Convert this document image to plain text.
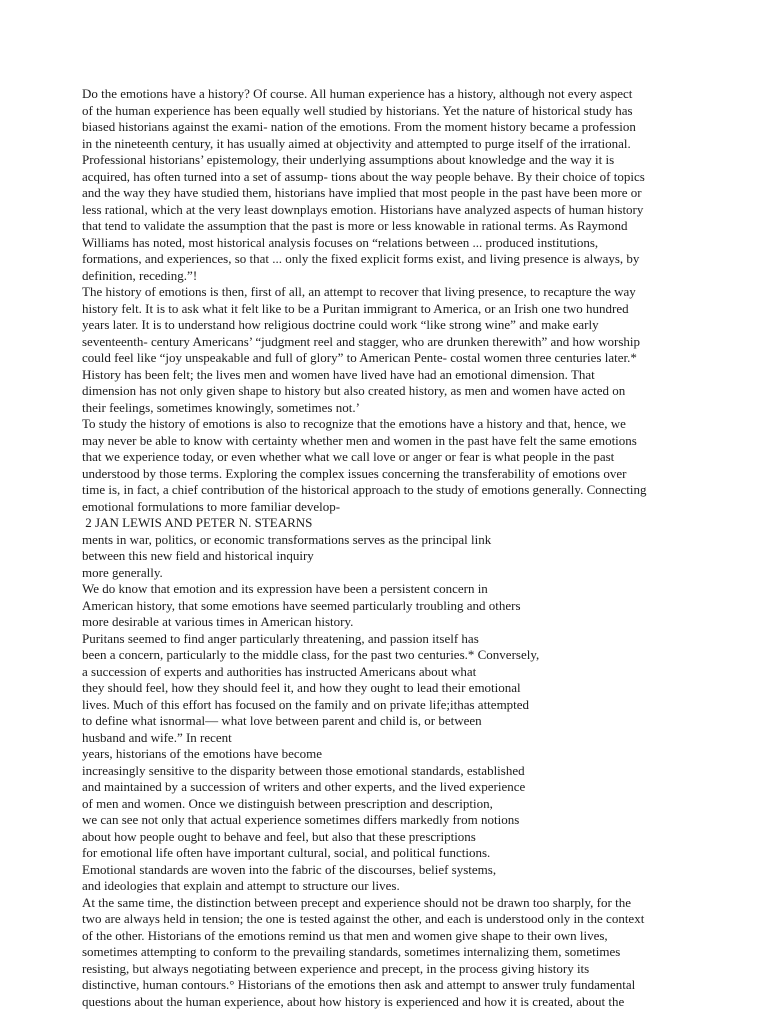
Do the emotions have a history? Of course. All human experience has a history, although not every aspect
of the human experience has been equally well studied by historians. Yet the nature of historical study has
biased historians against the exami- nation of the emotions. From the moment history became a profession
in the nineteenth century, it has usually aimed at objectivity and attempted to purge itself of the irrational.
Professional historians’ epistemology, their underlying assumptions about knowledge and the way it is
acquired, has often turned into a set of assump- tions about the way people behave. By their choice of topics
and the way they have studied them, historians have implied that most people in the past have been more or
less rational, which at the very least downplays emotion. Historians have analyzed aspects of human history
that tend to validate the assumption that the past is more or less knowable in rational terms. As Raymond
Williams has noted, most historical analysis focuses on “relations between ... produced institutions,
formations, and experiences, so that ... only the fixed explicit forms exist, and living presence is always, by
definition, receding.”!
The history of emotions is then, first of all, an attempt to recover that living presence, to recapture the way
history felt. It is to ask what it felt like to be a Puritan immigrant to America, or an Irish one two hundred
years later. It is to understand how religious doctrine could work “like strong wine” and make early
seventeenth- century Americans’ “judgment reel and stagger, who are drunken therewith” and how worship
could feel like “joy unspeakable and full of glory” to American Pente- costal women three centuries later.*
History has been felt; the lives men and women have lived have had an emotional dimension. That
dimension has not only given shape to history but also created history, as men and women have acted on
their feelings, sometimes knowingly, sometimes not.’
To study the history of emotions is also to recognize that the emotions have a history and that, hence, we
may never be able to know with certainty whether men and women in the past have felt the same emotions
that we experience today, or even whether what we call love or anger or fear is what people in the past
understood by those terms. Exploring the complex issues concerning the transferability of emotions over
time is, in fact, a chief contribution of the historical approach to the study of emotions generally. Connecting
emotional formulations to more familiar develop-
2 JAN LEWIS AND PETER N. STEARNS
ments in war, politics, or economic transformations serves as the principal link
between this new field and historical inquiry
more generally.
We do know that emotion and its expression have been a persistent concern in
American history, that some emotions have seemed particularly troubling and others
more desirable at various times in American history.
Puritans seemed to find anger particularly threatening, and passion itself has
been a concern, particularly to the middle class, for the past two centuries.* Conversely,
a succession of experts and authorities has instructed Americans about what
they should feel, how they should feel it, and how they ought to lead their emotional
lives. Much of this effort has focused on the family and on private life;ithas attempted
to define what isnormal— what love between parent and child is, or between
husband and wife.” In recent
years, historians of the emotions have become
increasingly sensitive to the disparity between those emotional standards, established
and maintained by a succession of writers and other experts, and the lived experience
of men and women. Once we distinguish between prescription and description,
we can see not only that actual experience sometimes differs markedly from notions
about how people ought to behave and feel, but also that these prescriptions
for emotional life often have important cultural, social, and political functions.
Emotional standards are woven into the fabric of the discourses, belief systems,
and ideologies that explain and attempt to structure our lives.
At the same time, the distinction between precept and experience should not be drawn too sharply, for the
two are always held in tension; the one is tested against the other, and each is understood only in the context
of the other. Historians of the emotions remind us that men and women give shape to their own lives,
sometimes attempting to conform to the prevailing standards, sometimes internalizing them, sometimes
resisting, but always negotiating between experience and precept, in the process giving history its
distinctive, human contours.° Historians of the emotions then ask and attempt to answer truly fundamental
questions about the human experience, about how history is experienced and how it is created, about the
